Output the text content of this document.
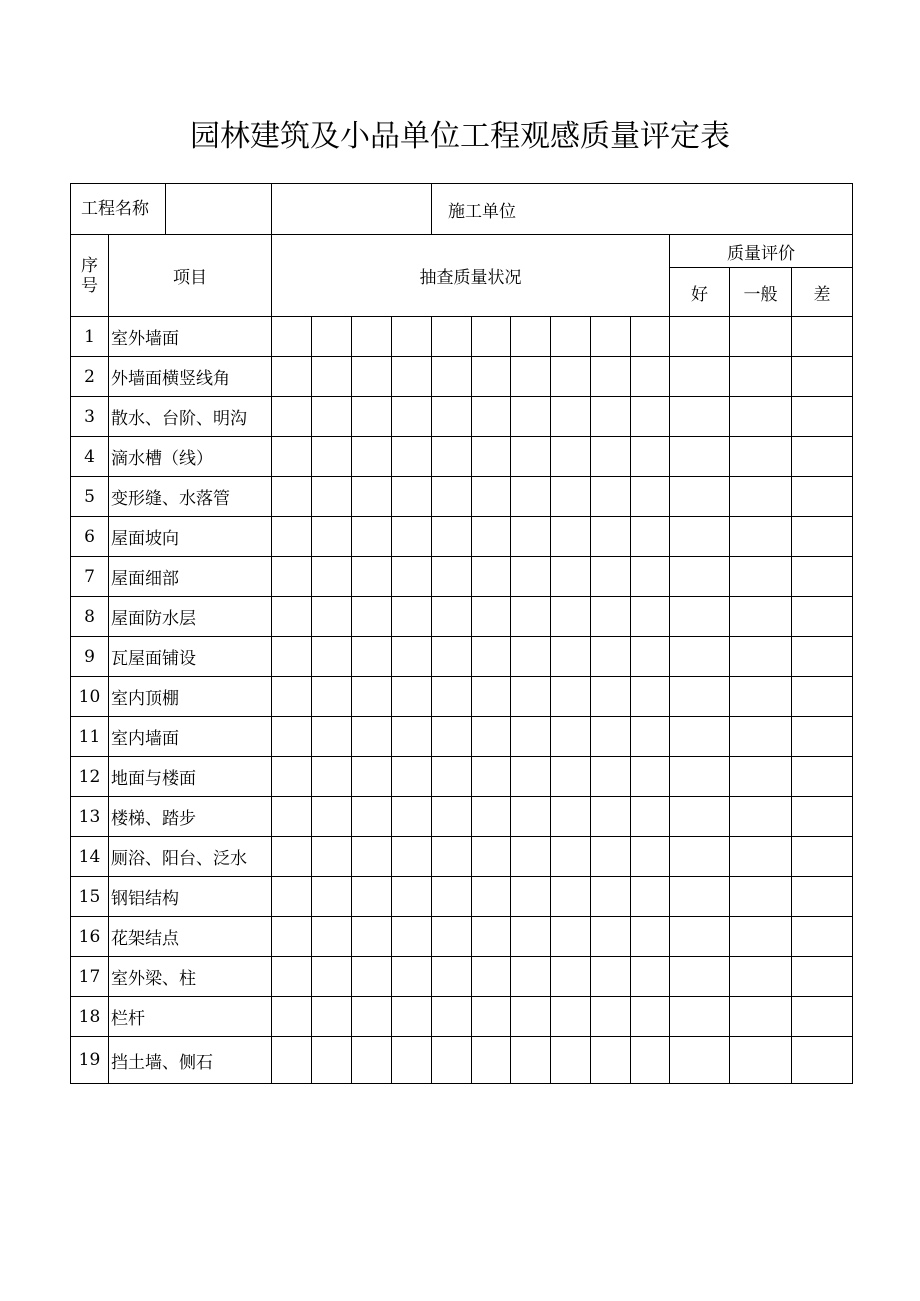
园林建筑及小品单位工程观感质量评定表
工程名称						施工单位								

序
号	项目	抽查质量状况										质量评价		
												好	一般	差
1	室外墙面													
2	外墙面横竖线角													
3	散水、台阶、明沟													
4	滴水槽（线）													
5	变形缝、水落管													
6	屋面坡向													
7	屋面细部													
8	屋面防水层													
9	瓦屋面铺设													
10	室内顶棚													
11	室内墙面													
12	地面与楼面													
13	楼梯、踏步													
14	厕浴、阳台、泛水													
15	钢铝结构													
16	花架结点													
17	室外梁、柱													
18	栏杆													
19	挡土墙、侧石													
